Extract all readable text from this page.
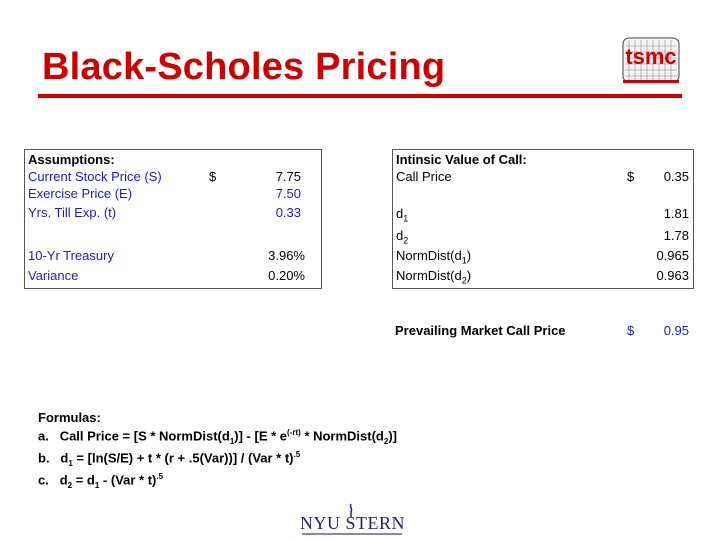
Black-Scholes Pricing	tsmc
Assumptions:
Current Stock Price (S)	$	7.75
Exercise Price (E)	7.50
Yrs. Till Exp. (t)	0.33
10-Yr Treasury	3.96%
Variance	0.20%
Intinsic Value of Call:
Call Price	$ 0.35
$d_1$	1.81
$d_2$	1.78
$NormDist(d_1)$	0.965
$NormDist(d_2)$	0.963
Prevailing Market Call Price	$ 0.95
Formulas:
a. Call Price = $[S * NormDist(d_1)] - [E * e^{(-rt)}$ * $NormDist(d_2)$]
b. $d_1 = [\ln(S/E) + t * (r + .5(Var))] / (Var * t)^{.5}$
c. $d_2 = d_1 - (Var * t)^{.5}$
NYU STERN
